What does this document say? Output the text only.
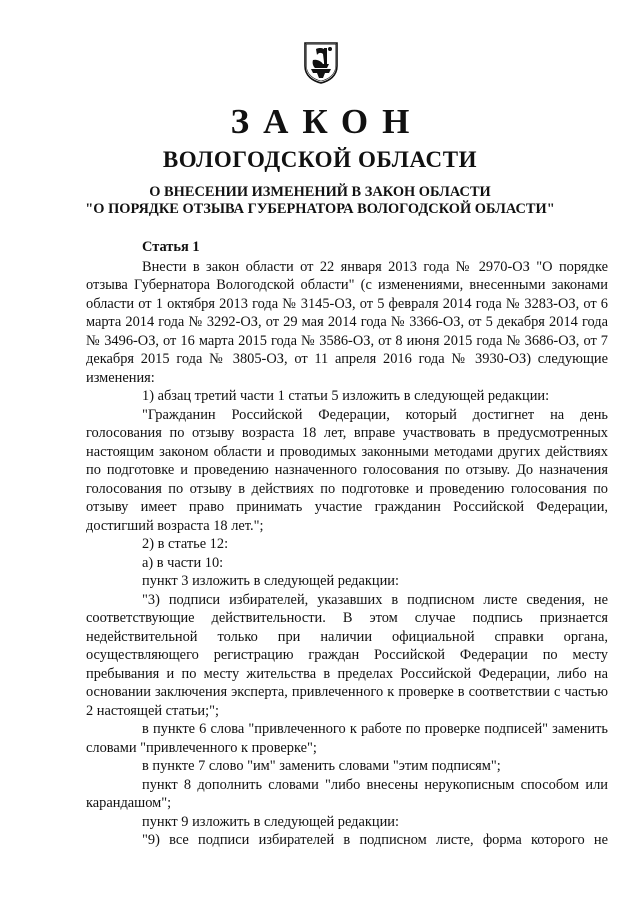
ЗАКОН
ВОЛОГОДСКОЙ ОБЛАСТИ
О ВНЕСЕНИИ ИЗМЕНЕНИЙ В ЗАКОН ОБЛАСТИ
"О ПОРЯДКЕ ОТЗЫВА ГУБЕРНАТОРА ВОЛОГОДСКОЙ ОБЛАСТИ"

Статья 1

Внести в закон области от 22 января 2013 года № 2970-ОЗ "О порядке отзыва Губернатора Вологодской области" (с изменениями, внесенными законами области от 1 октября 2013 года № 3145-ОЗ, от 5 февраля 2014 года № 3283-ОЗ, от 6 марта 2014 года № 3292-ОЗ, от 29 мая 2014 года № 3366-ОЗ, от 5 декабря 2014 года № 3496-ОЗ, от 16 марта 2015 года № 3586-ОЗ, от 8 июня 2015 года № 3686-ОЗ, от 7 декабря 2015 года № 3805-ОЗ, от 11 апреля 2016 года № 3930-ОЗ) следующие изменения:

1) абзац третий части 1 статьи 5 изложить в следующей редакции:

"Гражданин Российской Федерации, который достигнет на день голосования по отзыву возраста 18 лет, вправе участвовать в предусмотренных настоящим законом области и проводимых законными методами других действиях по подготовке и проведению назначенного голосования по отзыву. До назначения голосования по отзыву в действиях по подготовке и проведению голосования по отзыву имеет право принимать участие гражданин Российской Федерации, достигший возраста 18 лет.";

2) в статье 12:

а) в части 10:

пункт 3 изложить в следующей редакции:

"3) подписи избирателей, указавших в подписном листе сведения, не соответствующие действительности. В этом случае подпись признается недействительной только при наличии официальной справки органа, осуществляющего регистрацию граждан Российской Федерации по месту пребывания и по месту жительства в пределах Российской Федерации, либо на основании заключения эксперта, привлеченного к проверке в соответствии с частью 2 настоящей статьи;";

в пункте 6 слова "привлеченного к работе по проверке подписей" заменить словами "привлеченного к проверке";

в пункте 7 слово "им" заменить словами "этим подписям";

пункт 8 дополнить словами "либо внесены нерукописным способом или карандашом";

пункт 9 изложить в следующей редакции:

"9) все подписи избирателей в подписном листе, форма которого не
